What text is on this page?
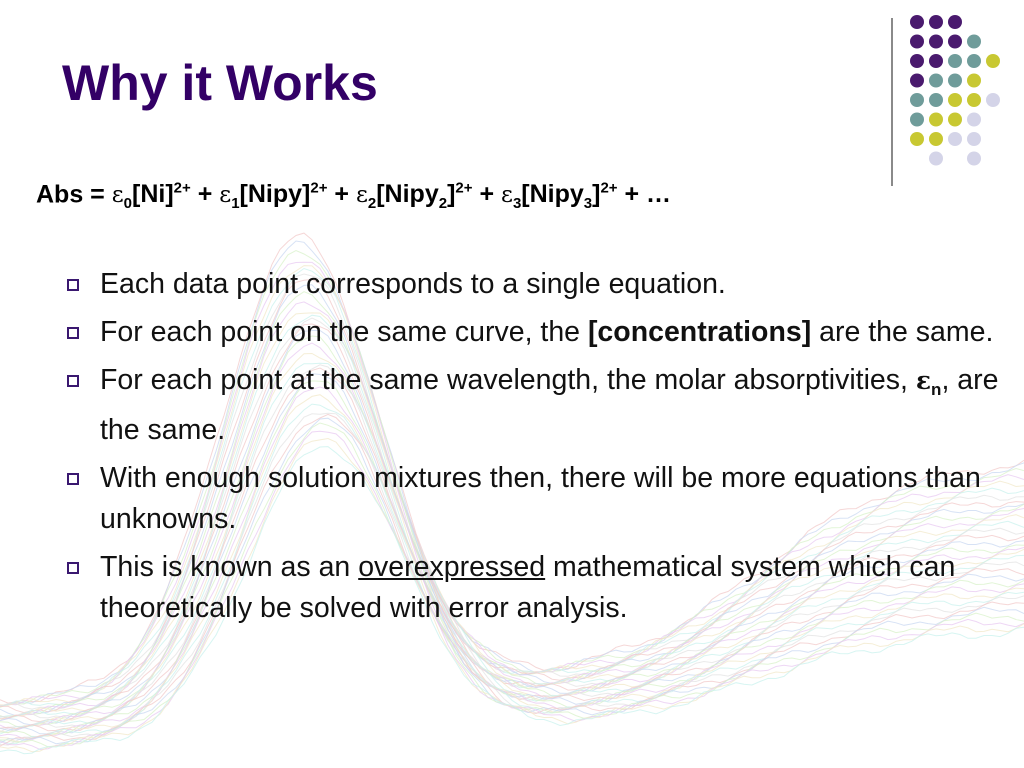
Why it Works
Abs = $\varepsilon_0[Ni]^{2+}$ + $\varepsilon_1[Nipy]^{2+}$ + $\varepsilon_2[Nipy_2]^{2+}$ + $\varepsilon_3[Nipy_3]^{2+}$ + …
Each data point corresponds to a single equation.
For each point on the same curve, the [concentrations] are the same.
For each point at the same wavelength, the molar absorptivities, $\varepsilon_n$, are the same.
With enough solution mixtures then, there will be more equations than unknowns.
This is known as an overexpressed mathematical system which can theoretically be solved with error analysis.
